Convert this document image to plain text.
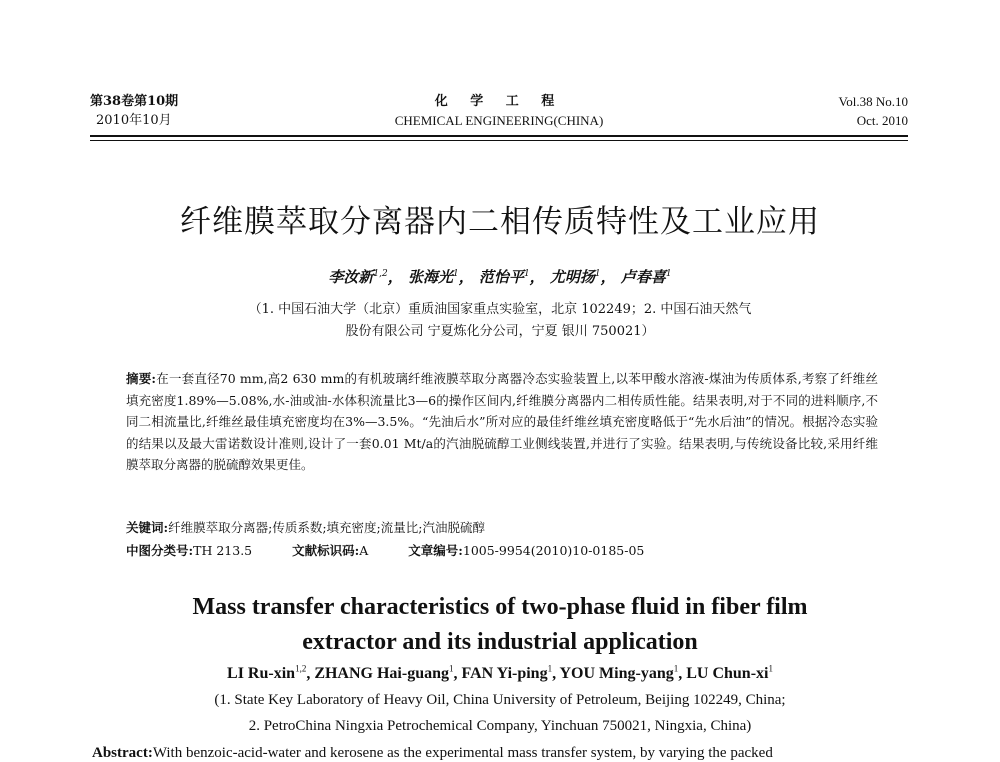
第38卷第10期
2010年10月
化 学 工 程
CHEMICAL ENGINEERING(CHINA)
Vol.38 No.10
Oct. 2010
纤维膜萃取分离器内二相传质特性及工业应用
李汝新$^{1,2}$， 张海光$^1$， 范怡平$^1$， 尤明扬$^1$， 卢春喜$^1$
（1. 中国石油大学（北京）重质油国家重点实验室，北京 102249；2. 中国石油天然气
股份有限公司 宁夏炼化分公司，宁夏 银川 750021）
摘要:在一套直径70 mm,高2 630 mm的有机玻璃纤维液膜萃取分离器冷态实验装置上,以苯甲酸水溶液-煤油为传质体系,考察了纤维丝填充密度1.89%—5.08%,水-油或油-水体积流量比3—6的操作区间内,纤维膜分离器内二相传质性能。结果表明,对于不同的进料顺序,不同二相流量比,纤维丝最佳填充密度均在3%—3.5%。“先油后水”所对应的最佳纤维丝填充密度略低于“先水后油”的情况。根据冷态实验的结果以及最大雷诺数设计准则,设计了一套0.01 Mt/a的汽油脱硫醇工业侧线装置,并进行了实验。结果表明,与传统设备比较,采用纤维膜萃取分离器的脱硫醇效果更佳。
关键词:纤维膜萃取分离器;传质系数;填充密度;流量比;汽油脱硫醇
中图分类号:TH 213.5	文献标识码:A	文章编号:1005-9954(2010)10-0185-05
Mass transfer characteristics of two-phase fluid in fiber film
extractor and its industrial application
LI Ru-xin$^{1,2}$, ZHANG Hai-guang$^1$, FAN Yi-ping$^1$, YOU Ming-yang$^1$, LU Chun-$xi^1$
(1. State Key Laboratory of Heavy Oil, China University of Petroleum, Beijing 102249, China;
2. PetroChina Ningxia Petrochemical Company, Yinchuan 750021, Ningxia, China)
Abstract:With benzoic-acid-water and kerosene as the experimental mass transfer system, by varying the packed
